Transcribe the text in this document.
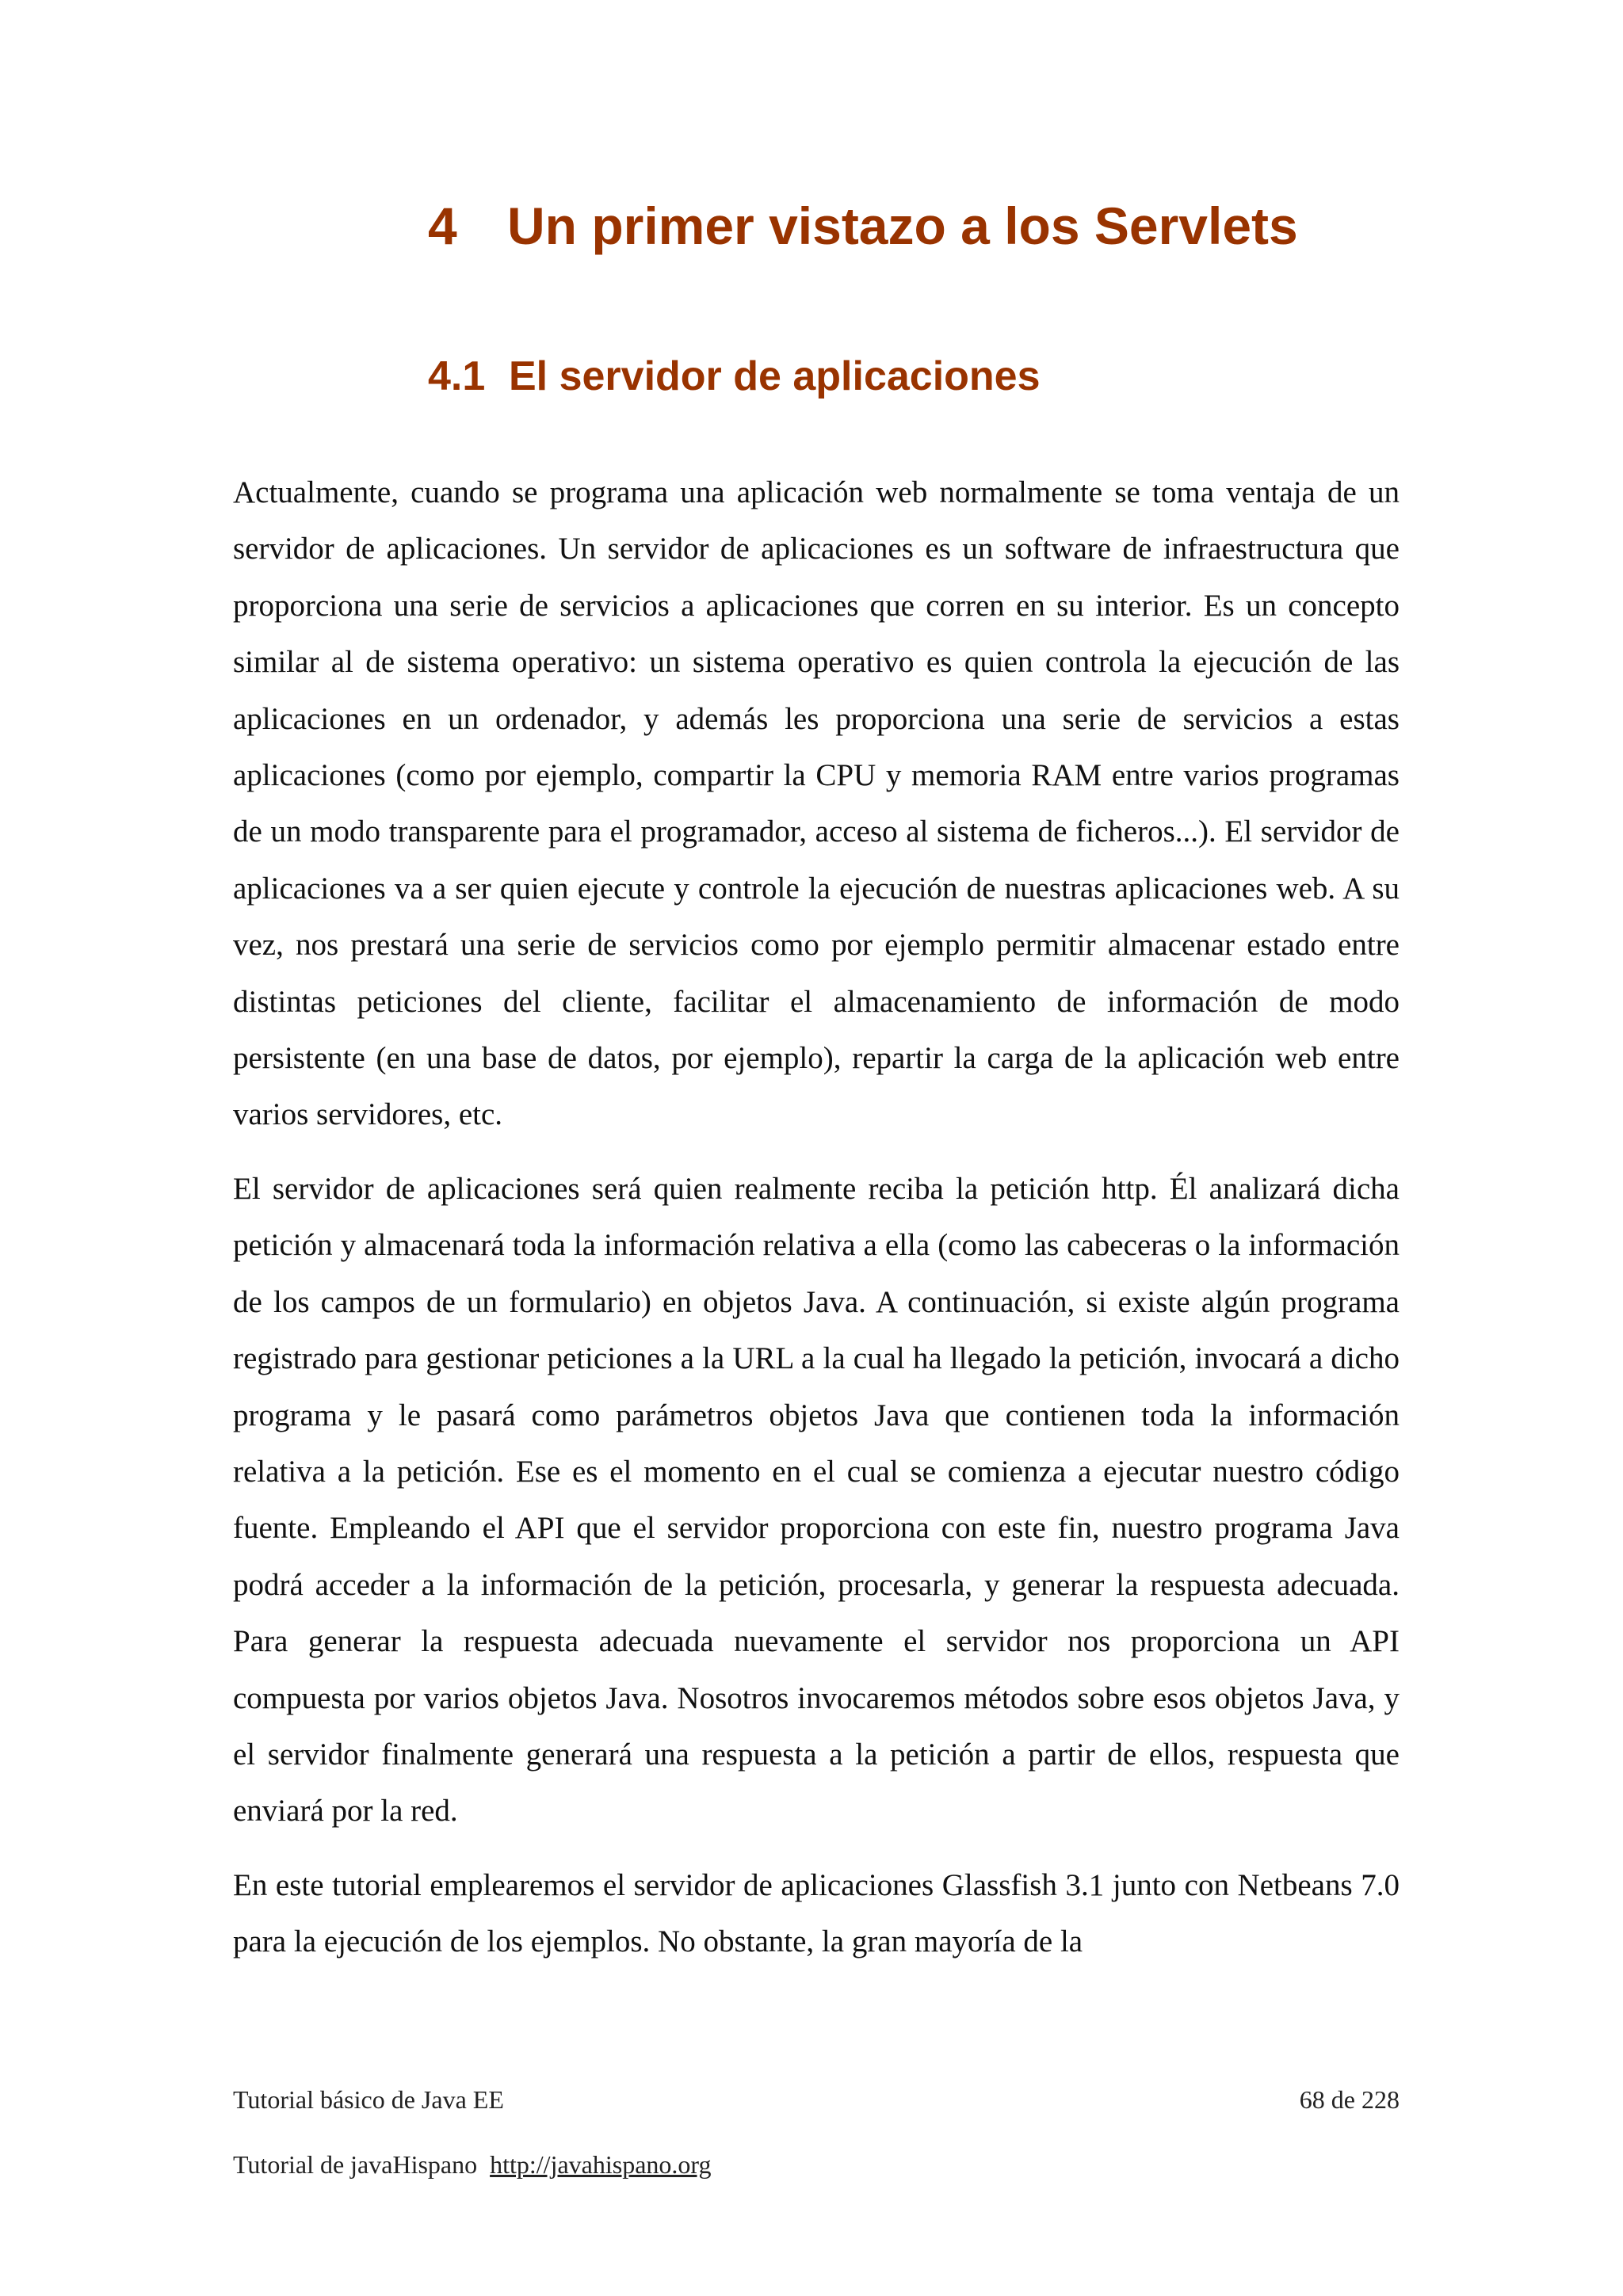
4 Un primer vistazo a los Servlets
4.1 El servidor de aplicaciones

Actualmente, cuando se programa una aplicación web normalmente se toma ventaja de un servidor de aplicaciones. Un servidor de aplicaciones es un software de infraestructura que proporciona una serie de servicios a aplicaciones que corren en su interior. Es un concepto similar al de sistema operativo: un sistema operativo es quien controla la ejecución de las aplicaciones en un ordenador, y además les proporciona una serie de servicios a estas aplicaciones (como por ejemplo, compartir la CPU y memoria RAM entre varios programas de un modo transparente para el programador, acceso al sistema de ficheros...). El servidor de aplicaciones va a ser quien ejecute y controle la ejecución de nuestras aplicaciones web. A su vez, nos prestará una serie de servicios como por ejemplo permitir almacenar estado entre distintas peticiones del cliente, facilitar el almacenamiento de información de modo persistente (en una base de datos, por ejemplo), repartir la carga de la aplicación web entre varios servidores, etc.

El servidor de aplicaciones será quien realmente reciba la petición http. Él analizará dicha petición y almacenará toda la información relativa a ella (como las cabeceras o la información de los campos de un formulario) en objetos Java. A continuación, si existe algún programa registrado para gestionar peticiones a la URL a la cual ha llegado la petición, invocará a dicho programa y le pasará como parámetros objetos Java que contienen toda la información relativa a la petición. Ese es el momento en el cual se comienza a ejecutar nuestro código fuente. Empleando el API que el servidor proporciona con este fin, nuestro programa Java podrá acceder a la información de la petición, procesarla, y generar la respuesta adecuada. Para generar la respuesta adecuada nuevamente el servidor nos proporciona un API compuesta por varios objetos Java. Nosotros invocaremos métodos sobre esos objetos Java, y el servidor finalmente generará una respuesta a la petición a partir de ellos, respuesta que enviará por la red.

En este tutorial emplearemos el servidor de aplicaciones Glassfish 3.1 junto con Netbeans 7.0 para la ejecución de los ejemplos. No obstante, la gran mayoría de la

Tutorial básico de Java EE	68 de 228
Tutorial de javaHispano http://javahispano.org
